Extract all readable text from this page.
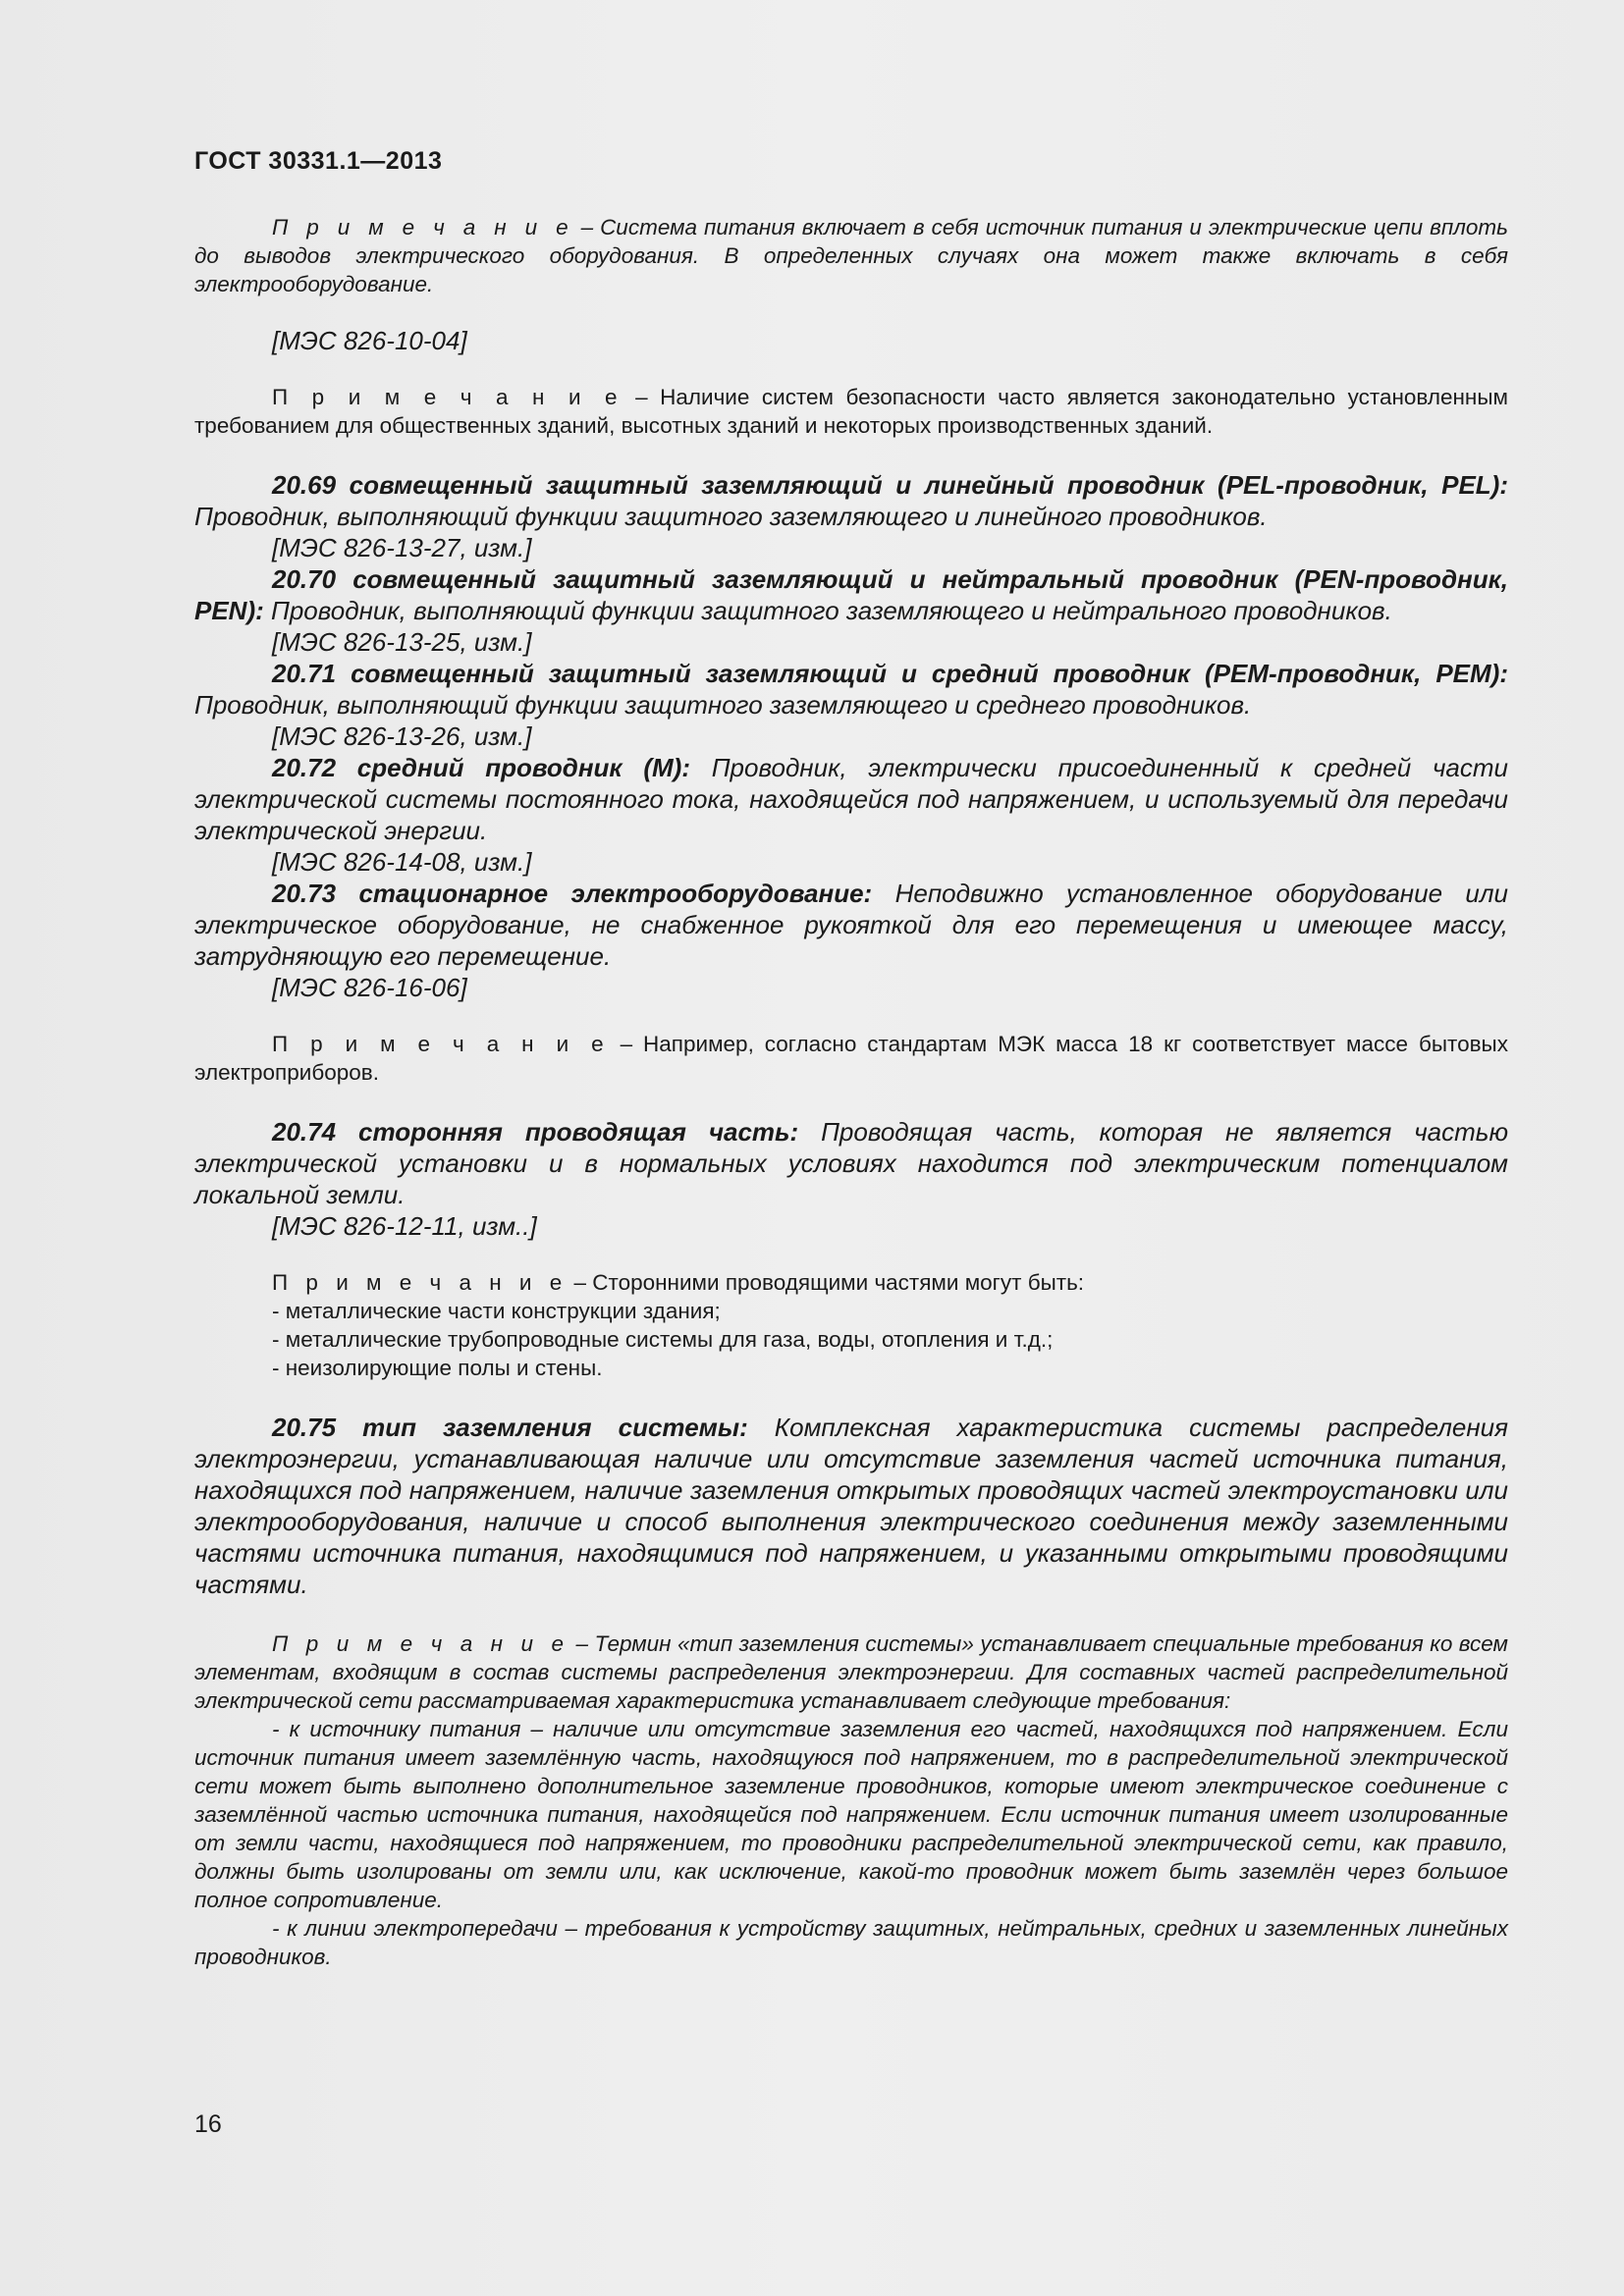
ГОСТ 30331.1—2013

П р и м е ч а н и е – Система питания включает в себя источник питания и электрические цепи вплоть до выводов электрического оборудования. В определенных случаях она может также включать в себя электрооборудование.

[МЭС 826-10-04]

П р и м е ч а н и е – Наличие систем безопасности часто является законодательно установленным требованием для общественных зданий, высотных зданий и некоторых производственных зданий.

20.69 совмещенный защитный заземляющий и линейный проводник (PEL-проводник, PEL): Проводник, выполняющий функции защитного заземляющего и линейного проводников.

[МЭС 826-13-27, изм.]

20.70 совмещенный защитный заземляющий и нейтральный проводник (PEN-проводник, PEN): Проводник, выполняющий функции защитного заземляющего и нейтрального проводников.

[МЭС 826-13-25, изм.]

20.71 совмещенный защитный заземляющий и средний проводник (PEM-проводник, PEM): Проводник, выполняющий функции защитного заземляющего и среднего проводников.

[МЭС 826-13-26, изм.]

20.72 средний проводник (M): Проводник, электрически присоединенный к средней части электрической системы постоянного тока, находящейся под напряжением, и используемый для передачи электрической энергии.

[МЭС 826-14-08, изм.]

20.73 стационарное электрооборудование: Неподвижно установленное оборудование или электрическое оборудование, не снабженное рукояткой для его перемещения и имеющее массу, затрудняющую его перемещение.

[МЭС 826-16-06]

П р и м е ч а н и е – Например, согласно стандартам МЭК масса 18 кг соответствует массе бытовых электроприборов.

20.74 сторонняя проводящая часть: Проводящая часть, которая не является частью электрической установки и в нормальных условиях находится под электрическим потенциалом локальной земли.

[МЭС 826-12-11, изм..]

П р и м е ч а н и е – Сторонними проводящими частями могут быть:

- металлические части конструкции здания;
- металлические трубопроводные системы для газа, воды, отопления и т.д.;
- неизолирующие полы и стены.

20.75 тип заземления системы: Комплексная характеристика системы распределения электроэнергии, устанавливающая наличие или отсутствие заземления частей источника питания, находящихся под напряжением, наличие заземления открытых проводящих частей электроустановки или электрооборудования, наличие и способ выполнения электрического соединения между заземленными частями источника питания, находящимися под напряжением, и указанными открытыми проводящими частями.

П р и м е ч а н и е – Термин «тип заземления системы» устанавливает специальные требования ко всем элементам, входящим в состав системы распределения электроэнергии. Для составных частей распределительной электрической сети рассматриваемая характеристика устанавливает следующие требования:

- к источнику питания – наличие или отсутствие заземления его частей, находящихся под напряжением. Если источник питания имеет заземлённую часть, находящуюся под напряжением, то в распределительной электрической сети может быть выполнено дополнительное заземление проводников, которые имеют электрическое соединение с заземлённой частью источника питания, находящейся под напряжением. Если источник питания имеет изолированные от земли части, находящиеся под напряжением, то проводники распределительной электрической сети, как правило, должны быть изолированы от земли или, как исключение, какой-то проводник может быть заземлён через большое полное сопротивление.

- к линии электропередачи – требования к устройству защитных, нейтральных, средних и заземленных линейных проводников.

16
